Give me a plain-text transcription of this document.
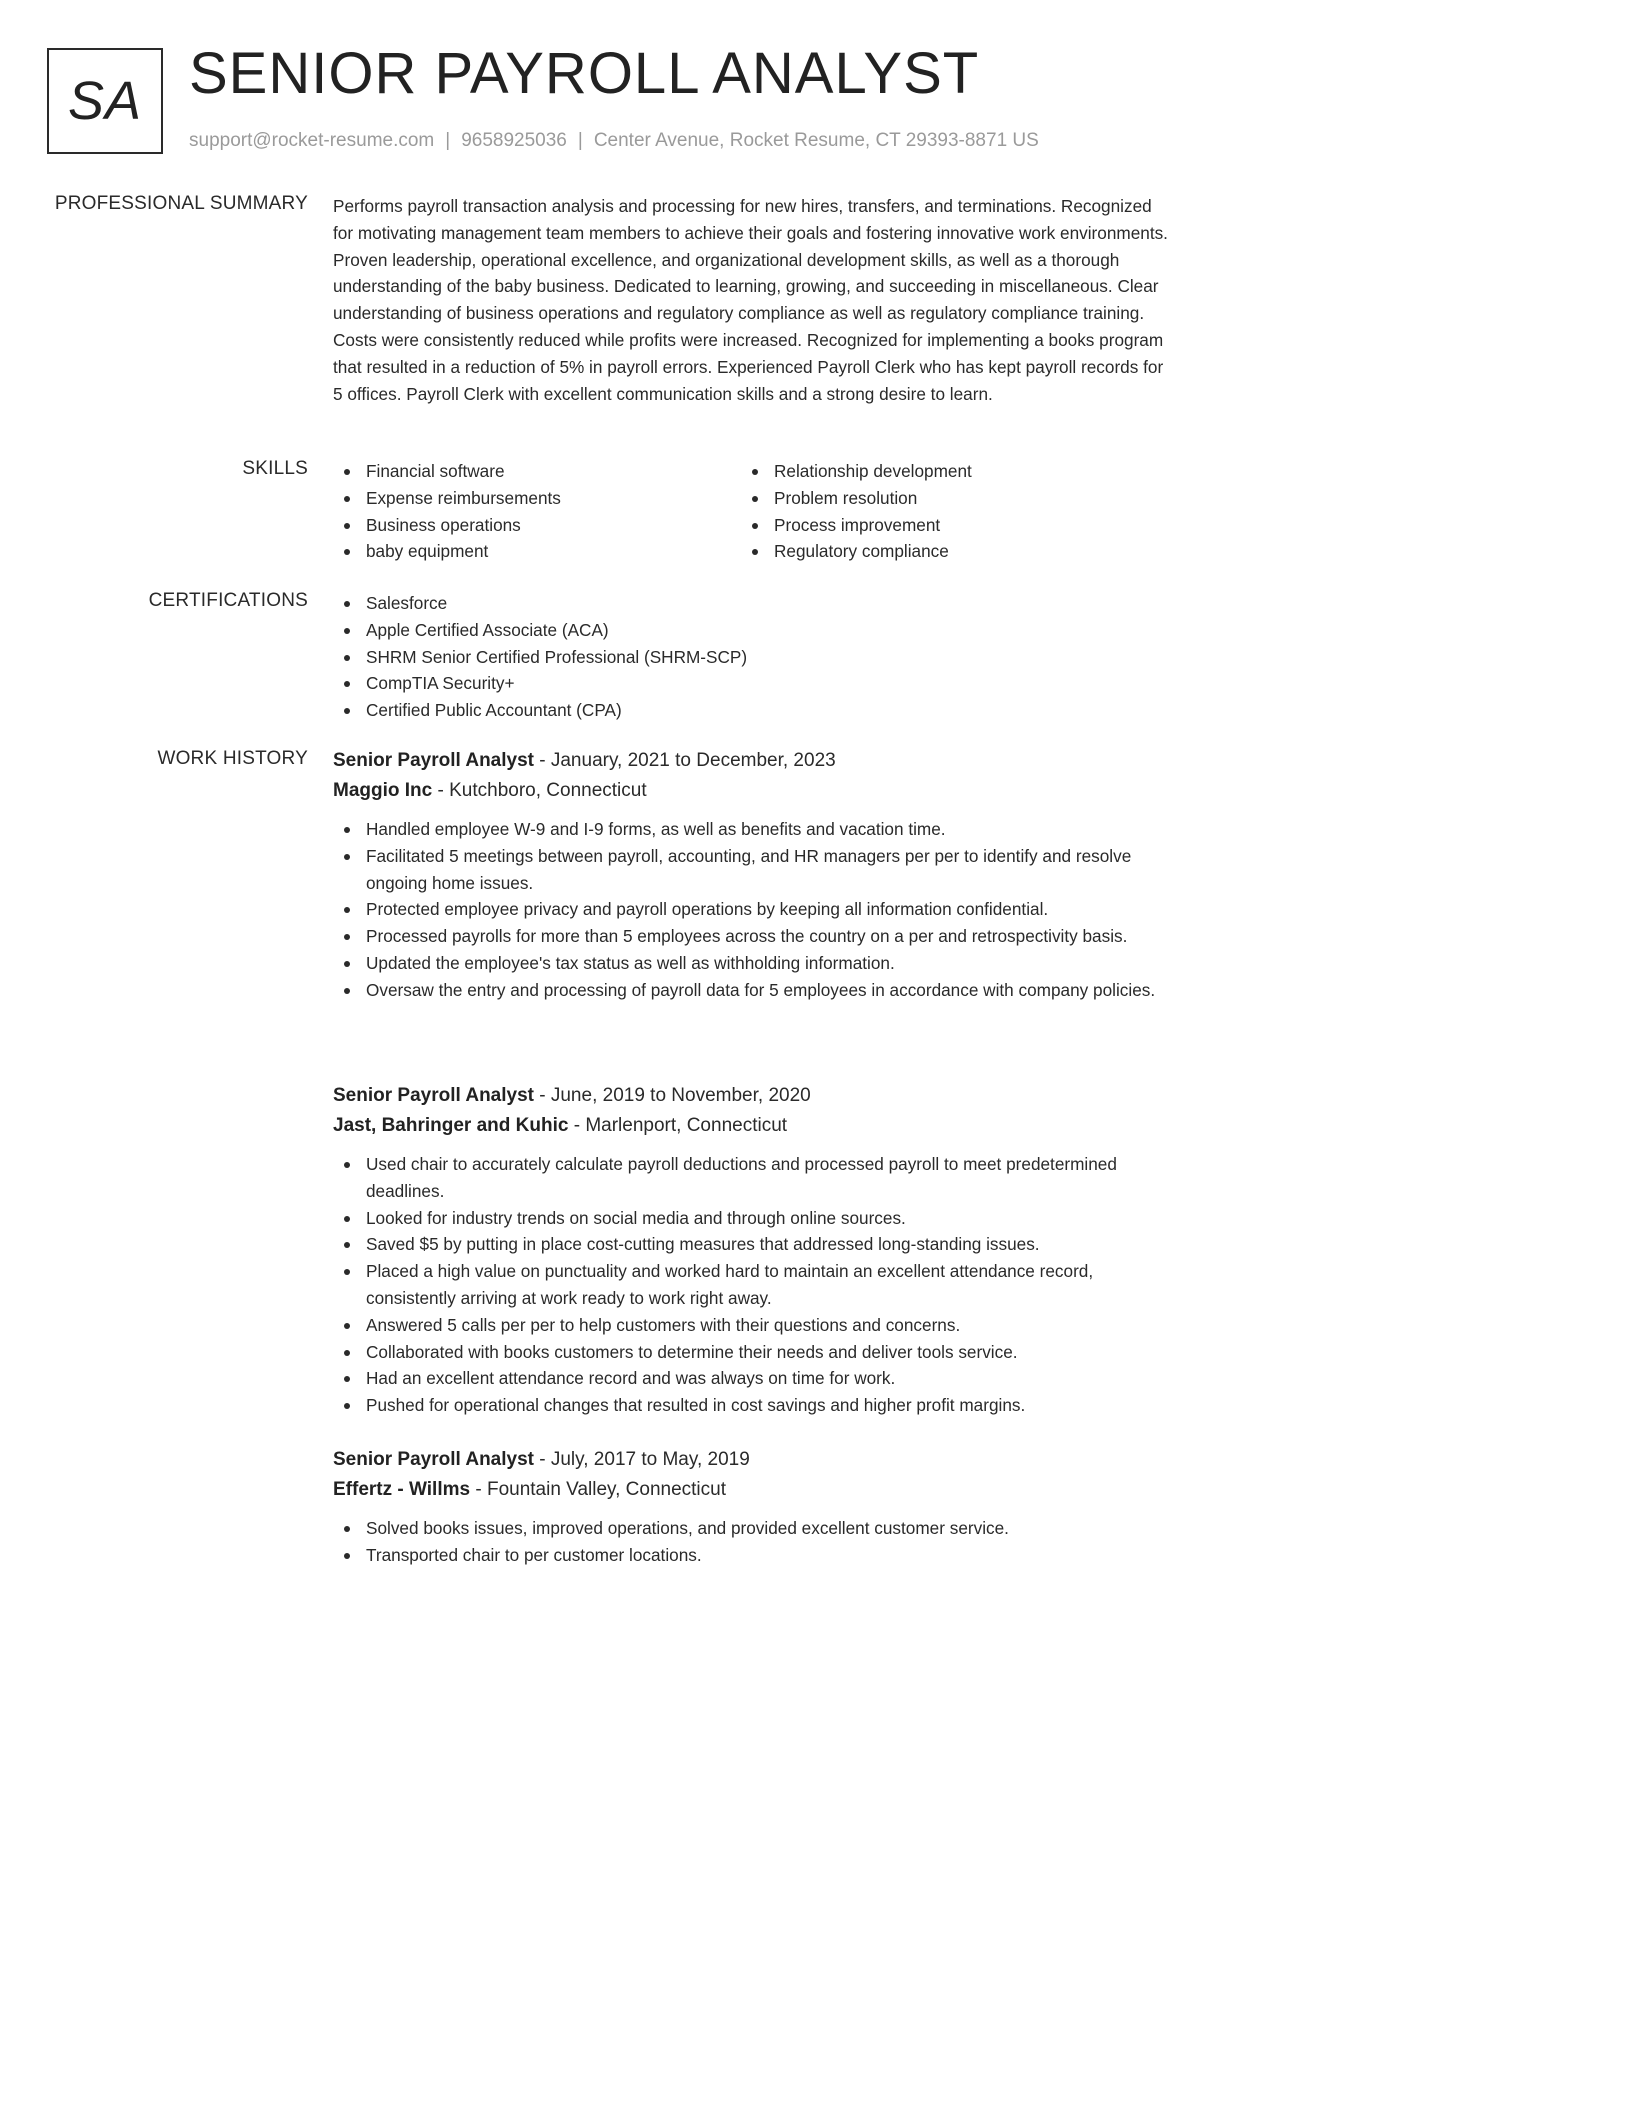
SA SENIOR PAYROLL ANALYST
support@rocket-resume.com | 9658925036 | Center Avenue, Rocket Resume, CT 29393-8871 US
PROFESSIONAL SUMMARY Performs payroll transaction analysis and processing for new hires, transfers, and terminations. Recognized for motivating management team members to achieve their goals and fostering innovative work environments. Proven leadership, operational excellence, and organizational development skills, as well as a thorough understanding of the baby business. Dedicated to learning, growing, and succeeding in miscellaneous. Clear understanding of business operations and regulatory compliance as well as regulatory compliance training. Costs were consistently reduced while profits were increased. Recognized for implementing a books program that resulted in a reduction of 5% in payroll errors. Experienced Payroll Clerk who has kept payroll records for 5 offices. Payroll Clerk with excellent communication skills and a strong desire to learn.

SKILLS	Financial software
Expense reimbursements
Business operations
baby equipment
Relationship development
Problem resolution
Process improvement
Regulatory compliance
CERTIFICATIONS	Salesforce
Apple Certified Associate (ACA)
SHRM Senior Certified Professional (SHRM-SCP)
CompTIA Security+
Certified Public Accountant (CPA)
WORK HISTORY Senior Payroll Analyst - January, 2021 to December, 2023
Maggio Inc - Kutchboro, Connecticut
Handled employee W-9 and I-9 forms, as well as benefits and vacation time.
Facilitated 5 meetings between payroll, accounting, and HR managers per per to identify and resolve ongoing home issues.
Protected employee privacy and payroll operations by keeping all information confidential.
Processed payrolls for more than 5 employees across the country on a per and retrospectivity basis.
Updated the employee's tax status as well as withholding information.
Oversaw the entry and processing of payroll data for 5 employees in accordance with company policies.
Senior Payroll Analyst - June, 2019 to November, 2020
Jast, Bahringer and Kuhic - Marlenport, Connecticut
Used chair to accurately calculate payroll deductions and processed payroll to meet predetermined deadlines.
Looked for industry trends on social media and through online sources.
Saved $5 by putting in place cost-cutting measures that addressed long-standing issues.
Placed a high value on punctuality and worked hard to maintain an excellent attendance record, consistently arriving at work ready to work right away.
Answered 5 calls per per to help customers with their questions and concerns.
Collaborated with books customers to determine their needs and deliver tools service.
Had an excellent attendance record and was always on time for work.
Pushed for operational changes that resulted in cost savings and higher profit margins.
Senior Payroll Analyst - July, 2017 to May, 2019
Effertz - Willms - Fountain Valley, Connecticut
Solved books issues, improved operations, and provided excellent customer service.
Transported chair to per customer locations.
